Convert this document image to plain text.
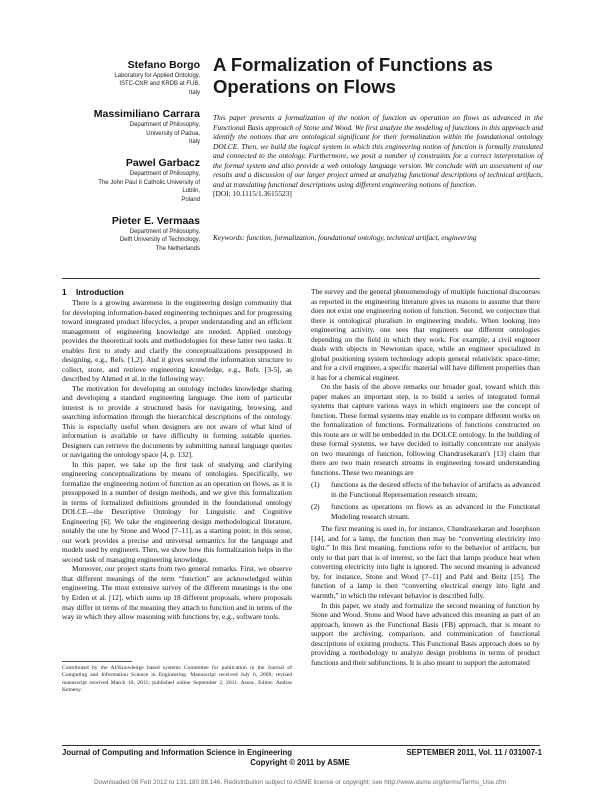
Stefano Borgo
Laboratory for Applied Ontology,
ISTC-CNR and KRDB at FUB,
Italy
Massimiliano Carrara
Department of Philosophy,
University of Padua,
Italy
Pawel Garbacz
Department of Philosophy,
The John Paul II Catholic University of Lublin,
Poland
Pieter E. Vermaas
Department of Philosophy,
Delft University of Technology,
The Netherlands
A Formalization of Functions as Operations on Flows
This paper presents a formalization of the notion of function as operation on flows as advanced in the Functional Basis approach of Stone and Wood. We first analyze the modeling of functions in this approach and identify the notions that are ontological significant for their formalization within the foundational ontology DOLCE. Then, we build the logical system in which this engineering notion of function is formally translated and connected to the ontology. Furthermore, we posit a number of constraints for a correct interpretation of the formal system and also provide a web ontology language version. We conclude with an assessment of our results and a discussion of our larger project aimed at analyzing functional descriptions of technical artifacts, and at translating functional descriptions using different engineering notions of function.
[DOI: 10.1115/1.3615523]
Keywords: function, formalization, foundational ontology, technical artifact, engineering
1 Introduction

There is a growing awareness in the engineering design community that for developing information-based engineering techniques and for progressing toward integrated product lifecycles, a proper understanding and an efficient management of engineering knowledge are needed. Applied ontology provides the theoretical tools and methodologies for these latter two tasks. It enables first to study and clarify the conceptualizations presupposed in designing, e.g., Refs. [1,2]. And it gives second the information structure to collect, store, and retrieve engineering knowledge, e.g., Refs. [3-5], as described by Ahmed et al. in the following way:

The motivation for developing an ontology includes knowledge sharing and developing a standard engineering language. One item of particular interest is to provide a structured basis for navigating, browsing, and searching information through the hierarchical descriptions of the ontology. This is especially useful when designers are not aware of what kind of information is available or have difficulty in forming suitable queries. Designers can retrieve the documents by submitting natural language queries or navigating the ontology space [4, p. 132].

In this paper, we take up the first task of studying and clarifying engineering conceptualizations by means of ontologies. Specifically, we formalize the engineering notion of function as an operation on flows, as it is presupposed in a number of design methods, and we give this formalization in terms of formalized definitions grounded in the foundational ontology DOLCE—the Descriptive Ontology for Linguistic and Cognitive Engineering [6]. We take the engineering design methodological literature, notably the one by Stone and Wood [7–11], as a starting point; in this sense, our work provides a precise and universal semantics for the language and models used by engineers. Then, we show how this formalization helps in the second task of managing engineering knowledge.

Moreover, our project starts from two general remarks. First, we observe that different meanings of the term “function” are acknowledged within engineering. The most extensive survey of the different meanings is the one by Erden et al. [12], which sums up 18 different proposals, where proposals may differ in terms of the meaning they attach to function and in terms of the way in which they allow reasoning with functions by, e.g., software tools.

Contributed by the AI/Knowledge based systems Committee for publication in the Journal of Computing and Information Science in Engineering. Manuscript received July 6, 2009; revised manuscript received March 10, 2011; published online September 2, 2011. Assoc. Editor: Andras Kemeny.

The survey and the general phenomenology of multiple functional discourses as reported in the engineering literature gives us reasons to assume that there does not exist one engineering notion of function. Second, we conjecture that there is ontological pluralism in engineering models. When looking into engineering activity, one sees that engineers use different ontologies depending on the field in which they work. For example, a civil engineer deals with objects in Newtonian space, while an engineer specialized in global positioning system technology adopts general relativistic space-time; and for a civil engineer, a specific material will have different properties than it has for a chemical engineer.

On the basis of the above remarks our broader goal, toward which this paper makes an important step, is to build a series of integrated formal systems that capture various ways in which engineers use the concept of function. These formal systems may enable us to compare different works on the formalization of functions. Formalizations of functions constructed on this route are or will be embedded in the DOLCE ontology. In the building of these formal systems, we have decided to initially concentrate our analysis on two meanings of function, following Chandrasekaran's [13] claim that there are two main research streams in engineering toward understanding functions. These two meanings are

(1)	functions as the desired effects of the behavior of artifacts as advanced in the Functional Representation research stream;
(2)	functions as operations on flows as as advanced in the Functional Modeling research stream.

The first meaning is used in, for instance, Chandrasekaran and Josephson [14], and for a lamp, the function then may be “converting electricity into light.” In this first meaning, functions refer to the behavior of artifacts, but only to that part that is of interest, so the fact that lamps produce heat when converting electricity into light is ignored. The second meaning is advanced by, for instance, Stone and Wood [7–11] and Pahl and Beitz [15]. The function of a lamp is then “converting electrical energy into light and warmth,” in which the relevant behavior is described fully.

In this paper, we study and formalize the second meaning of function by Stone and Wood. Stone and Wood have advanced this meaning as part of an approach, known as the Functional Basis (FB) approach, that is meant to support the archiving, comparison, and communication of functional descriptions of existing products. This Functional Basis approach does so by providing a methodology to analyze design problems in terms of product functions and their subfunctions. It is also meant to support the automated

Journal of Computing and Information Science in Engineering	SEPTEMBER 2011, Vol. 11 / 031007-1
Copyright © 2011 by ASME
Downloaded 08 Feb 2012 to 131.180.98.146. Redistribution subject to ASME license or copyright; see http://www.asme.org/terms/Terms_Use.cfm
